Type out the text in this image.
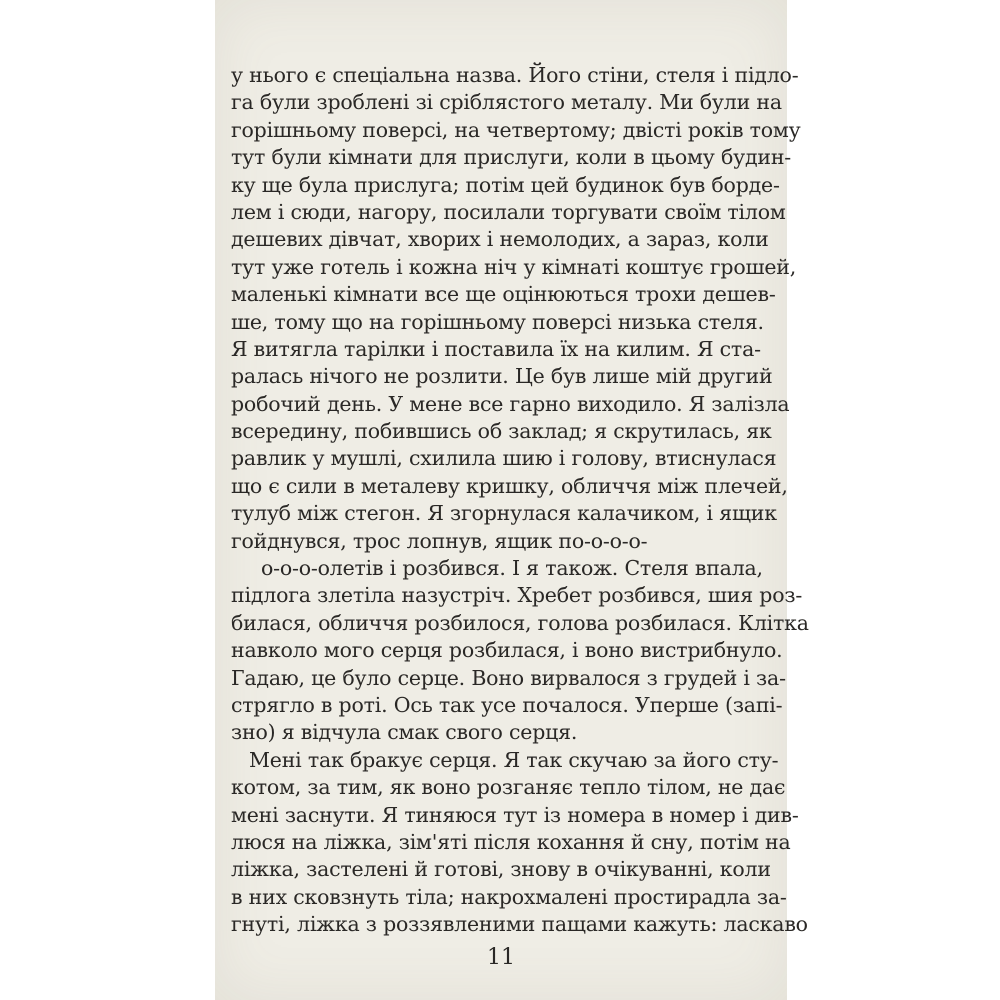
у нього є спеціальна назва. Його стіни, стеля і підло-
га були зроблені зі сріблястого металу. Ми були на
горішньому поверсі, на четвертому; двісті років тому
тут були кімнати для прислуги, коли в цьому будин-
ку ще була прислуга; потім цей будинок був борде-
лем і сюди, нагору, посилали торгувати своїм тілом
дешевих дівчат, хворих і немолодих, а зараз, коли
тут уже готель і кожна ніч у кімнаті коштує грошей,
маленькі кімнати все ще оцінюються трохи дешев-
ше, тому що на горішньому поверсі низька стеля.
Я витягла тарілки і поставила їх на килим. Я ста-
ралась нічого не розлити. Це був лише мій другий
робочий день. У мене все гарно виходило. Я залізла
всередину, побившись об заклад; я скрутилась, як
равлик у мушлі, схилила шию і голову, втиснулася
що є сили в металеву кришку, обличчя між плечей,
тулуб між стегон. Я згорнулася калачиком, і ящик
гойднувся, трос лопнув, ящик по-о-о-о-
о-о-о-олетів і розбився. І я також. Стеля впала,
підлога злетіла назустріч. Хребет розбився, шия роз-
билася, обличчя розбилося, голова розбилася. Клітка
навколо мого серця розбилася, і воно вистрибнуло.
Гадаю, це було серце. Воно вирвалося з грудей і за-
стрягло в роті. Ось так усе почалося. Уперше (запі-
зно) я відчула смак свого серця.
Мені так бракує серця. Я так скучаю за його сту-
котом, за тим, як воно розганяє тепло тілом, не дає
мені заснути. Я тиняюся тут із номера в номер і див-
люся на ліжка, зім'яті після кохання й сну, потім на
ліжка, застелені й готові, знову в очікуванні, коли
в них сковзнуть тіла; накрохмалені простирадла за-
гнуті, ліжка з роззявленими пащами кажуть: ласкаво
11
